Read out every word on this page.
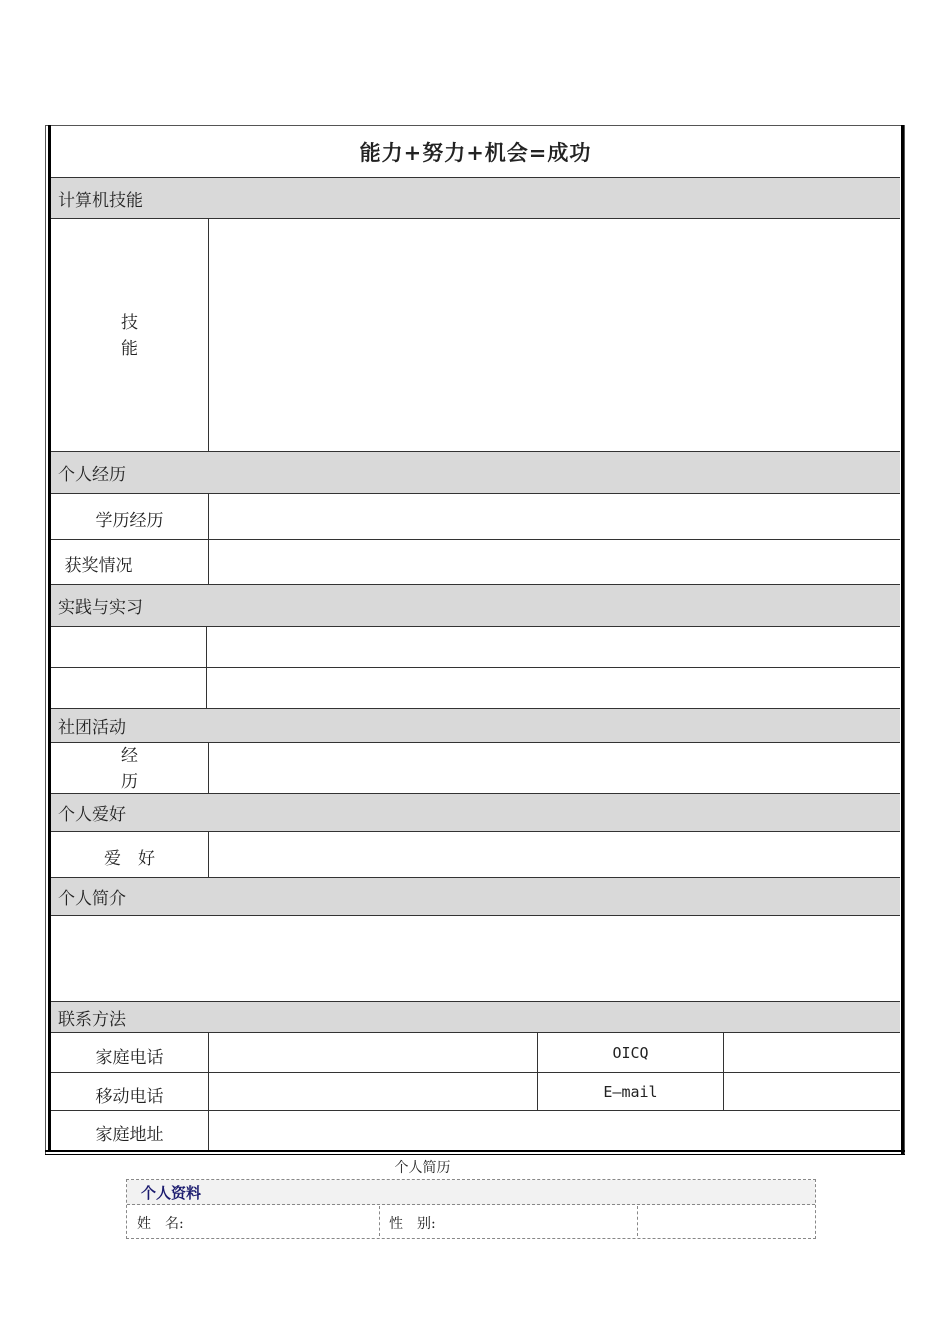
能力+努力+机会=成功
计算机技能
技
能
个人经历
学历经历
获奖情况
实践与实习
社团活动
经
历
个人爱好
爱　好
个人简介
联系方法
家庭电话
移动电话
家庭地址
OICQ
E—mail
个人简历
个人资料
姓　名:	性　别:
